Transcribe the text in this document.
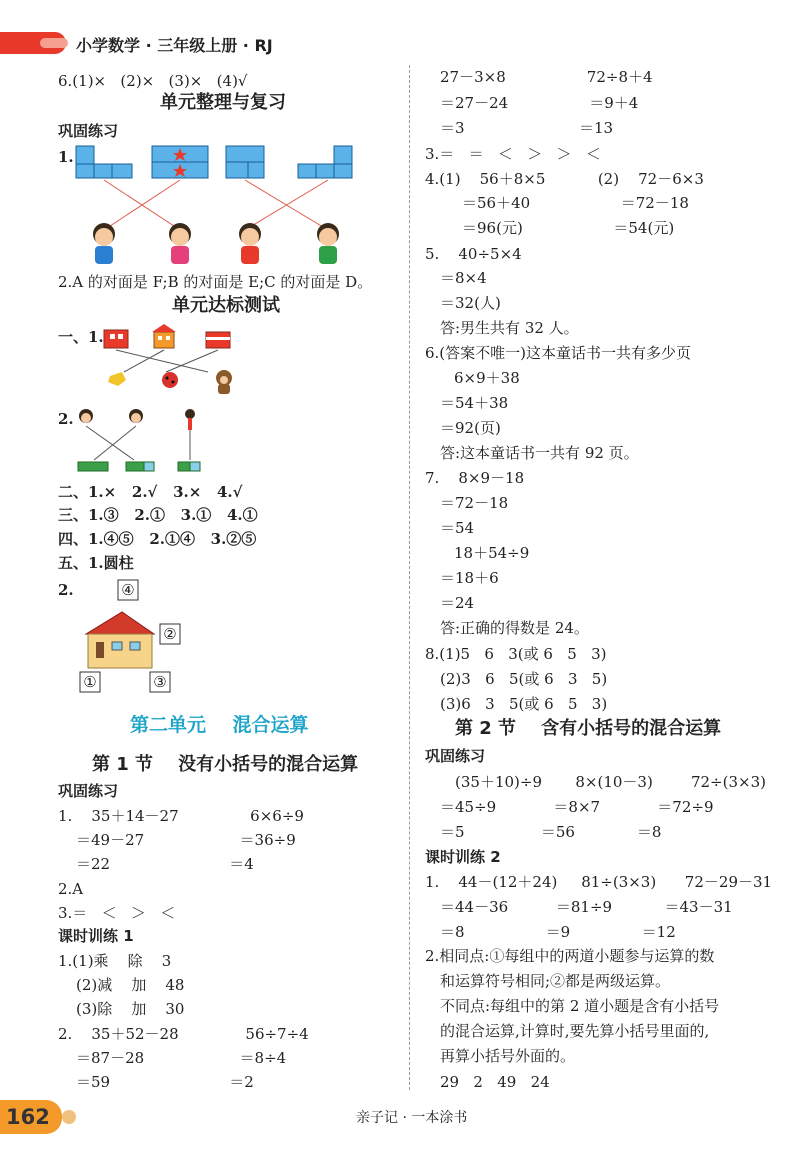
小学数学 · 三年级上册 · RJ
④
②
①	③
162	亲子记 · 一本涂书
6.(1)×   (2)×   (3)×   (4)√
单元整理与复习
巩固练习
1.
2.A 的对面是 F;B 的对面是 E;C 的对面是 D。
单元达标测试
一、1.
2.
二、1.×   2.√   3.×   4.√
三、1.③   2.①   3.①   4.①
四、1.④⑤   2.①④   3.②⑤
五、1.圆柱
2.
第二单元    混合运算
第 1 节    没有小括号的混合运算
巩固练习
1.    35＋14－27               6×6÷9
＝49－27                    ＝36÷9
＝22                         ＝4
2.A
3.＝   ＜   ＞   ＜
课时训练 1
1.(1)乘    除    3
(2)减    加    48
(3)除    加    30
2.    35＋52－28              56÷7÷4
＝87－28                    ＝8÷4
＝59                         ＝2
27－3×8                 72÷8＋4
＝27－24                 ＝9＋4
＝3                        ＝13
3.＝   ＝   ＜   ＞   ＞   ＜
4.(1)    56＋8×5           (2)    72－6×3
＝56＋40                   ＝72－18
＝96(元)                   ＝54(元)
5.    40÷5×4
＝8×4
＝32(人)
答:男生共有 32 人。
6.(答案不唯一)这本童话书一共有多少页
6×9＋38
＝54＋38
＝92(页)
答:这本童话书一共有 92 页。
7.    8×9－18
＝72－18
＝54
18＋54÷9
＝18＋6
＝24
答:正确的得数是 24。
8.(1)5   6   3(或 6   5   3)
(2)3   6   5(或 6   3   5)
(3)6   3   5(或 6   5   3)
第 2 节    含有小括号的混合运算
巩固练习
(35＋10)÷9       8×(10－3)        72÷(3×3)
＝45÷9            ＝8×7            ＝72÷9
＝5                ＝56             ＝8
课时训练 2
1.    44－(12＋24)     81÷(3×3)      72－29－31
＝44－36          ＝81÷9           ＝43－31
＝8                 ＝9               ＝12
2.相同点:①每组中的两道小题参与运算的数
和运算符号相同;②都是两级运算。
不同点:每组中的第 2 道小题是含有小括号
的混合运算,计算时,要先算小括号里面的,
再算小括号外面的。
29   2   49   24
